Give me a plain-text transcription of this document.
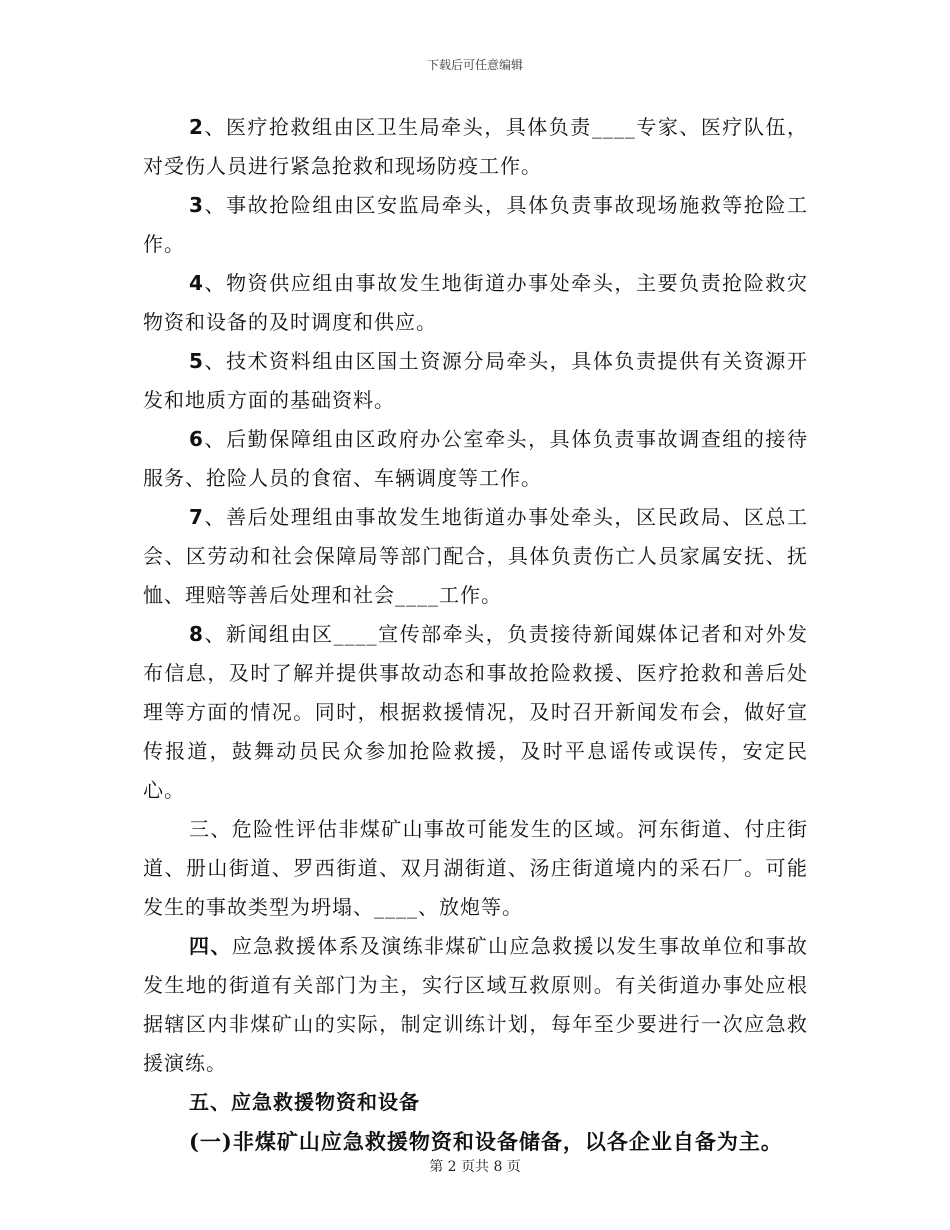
下载后可任意编辑

2、医疗抢救组由区卫生局牵头，具体负责____专家、医疗队伍，对受伤人员进行紧急抢救和现场防疫工作。

3、事故抢险组由区安监局牵头，具体负责事故现场施救等抢险工作。

4、物资供应组由事故发生地街道办事处牵头，主要负责抢险救灾物资和设备的及时调度和供应。

5、技术资料组由区国土资源分局牵头，具体负责提供有关资源开发和地质方面的基础资料。

6、后勤保障组由区政府办公室牵头，具体负责事故调查组的接待服务、抢险人员的食宿、车辆调度等工作。

7、善后处理组由事故发生地街道办事处牵头，区民政局、区总工会、区劳动和社会保障局等部门配合，具体负责伤亡人员家属安抚、抚恤、理赔等善后处理和社会____工作。

8、新闻组由区____宣传部牵头，负责接待新闻媒体记者和对外发布信息，及时了解并提供事故动态和事故抢险救援、医疗抢救和善后处理等方面的情况。同时，根据救援情况，及时召开新闻发布会，做好宣传报道，鼓舞动员民众参加抢险救援，及时平息谣传或误传，安定民心。

三、危险性评估非煤矿山事故可能发生的区域。河东街道、付庄街道、册山街道、罗西街道、双月湖街道、汤庄街道境内的采石厂。可能发生的事故类型为坍塌、____、放炮等。

四、应急救援体系及演练非煤矿山应急救援以发生事故单位和事故发生地的街道有关部门为主，实行区域互救原则。有关街道办事处应根据辖区内非煤矿山的实际，制定训练计划，每年至少要进行一次应急救援演练。

五、应急救援物资和设备

(一)非煤矿山应急救援物资和设备储备，以各企业自备为主。

第 2 页共 8 页
